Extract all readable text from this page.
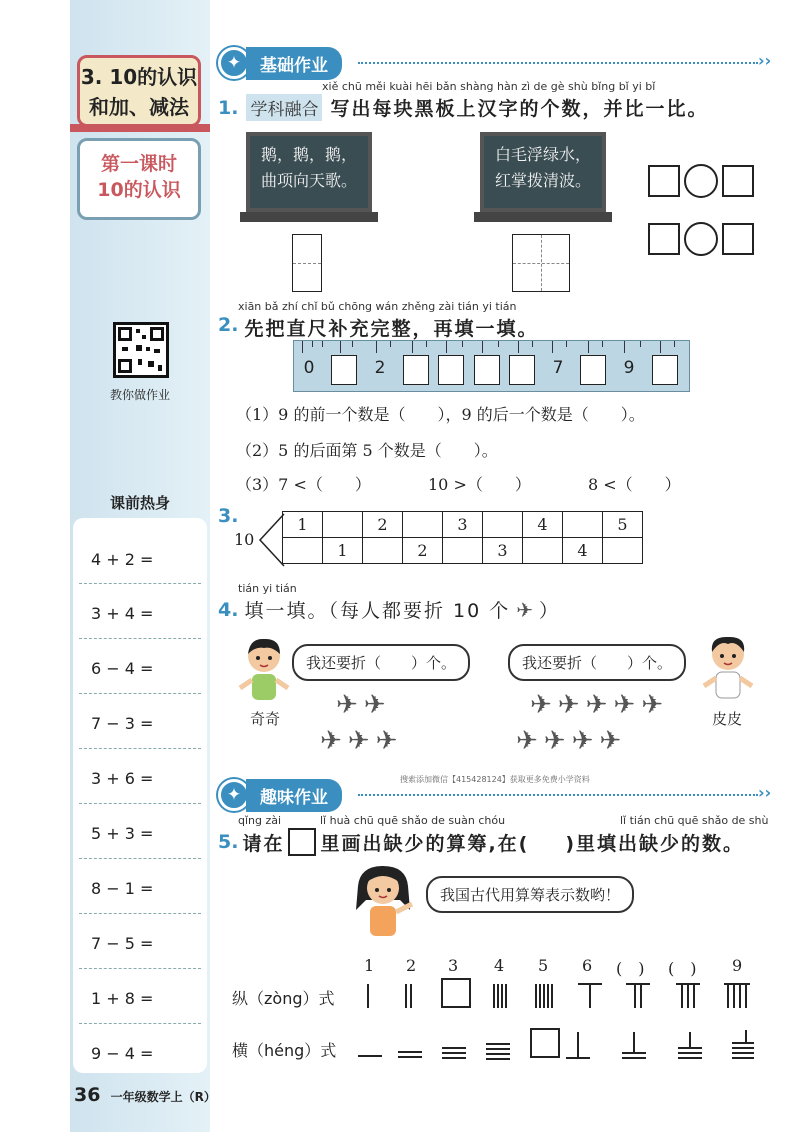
3. 10的认识
和加、减法
第一课时
10的认识
教你做作业
课前热身
4 + 2 =
3 + 4 =
6 − 4 =
7 − 3 =
3 + 6 =
5 + 3 =
8 − 1 =
7 − 5 =
1 + 8 =
9 − 4 =
36 一年级数学上（R）
✦	基础作业	››
xiě chū měi kuài hēi bǎn shàng hàn zì de gè shù bǐng bǐ yi bǐ
1. 学科融合 写出每块黑板上汉字的个数，并比一比。
鹅，鹅，鹅，
曲项向天歌。
白毛浮绿水，
红掌拨清波。
xiān bǎ zhí chǐ bǔ chōng wán zhěng zài tián yi tián
2. 先把直尺补充完整，再填一填。
0	2	7	9
（1）9 的前一个数是（　　），9 的后一个数是（　　）。
（2）5 的后面第 5 个数是（　　）。
（3）7 <（　　）	10 >（　　）	8 <（　　）
3.
10
1		2		3		4		5
	1		2		3		4	
tián yi tián
4. 填一填。（每人都要折 10 个 ✈ ）
我还要折（　　）个。
奇奇 ✈ ✈
✈ ✈ ✈
我还要折（　　）个。
皮皮
✈ ✈ ✈ ✈ ✈
✈ ✈ ✈ ✈
搜索添加微信【415428124】获取更多免费小学资料
✦	趣味作业	››
qǐng zài	lǐ huà chū quē shǎo de suàn chóu	lǐ tián chū quē shǎo de shù
5. 请在 里画出缺少的算筹,在( )里填出缺少的数。
我国古代用算筹表示数哟！
1 2 3 4 5 6 (　) (　) 9
纵（zòng）式
横（héng）式
